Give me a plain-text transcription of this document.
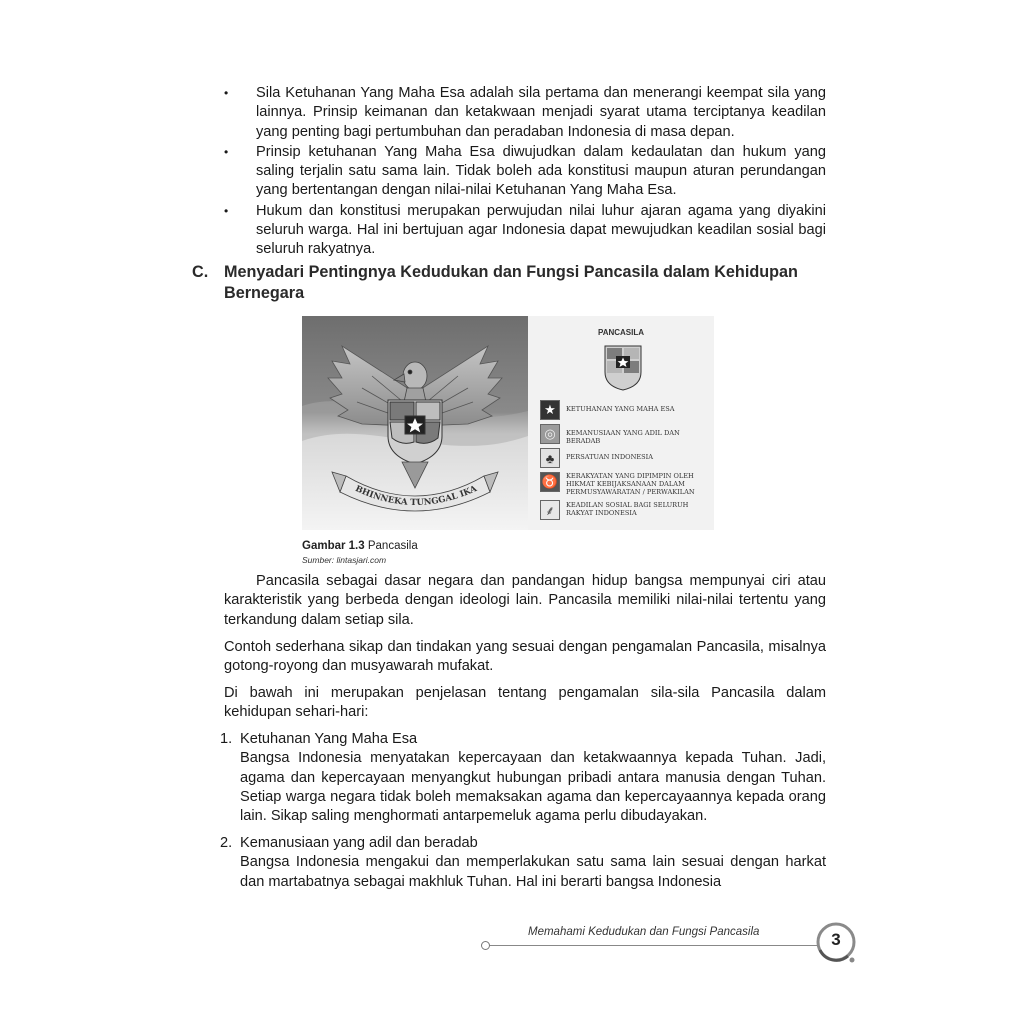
• Sila Ketuhanan Yang Maha Esa adalah sila pertama dan menerangi keempat sila yang lainnya. Prinsip keimanan dan ketakwaan menjadi syarat utama terciptanya keadilan yang penting bagi pertumbuhan dan peradaban Indonesia di masa depan.
• Prinsip ketuhanan Yang Maha Esa diwujudkan dalam kedaulatan dan hukum yang saling terjalin satu sama lain. Tidak boleh ada konstitusi maupun aturan perundangan yang bertentangan dengan nilai-nilai Ketuhanan Yang Maha Esa.
• Hukum dan konstitusi merupakan perwujudan nilai luhur ajaran agama yang diyakini seluruh warga. Hal ini bertujuan agar Indonesia dapat mewujudkan keadilan sosial bagi seluruh rakyatnya.
C. Menyadari Pentingnya Kedudukan dan Fungsi Pancasila dalam Kehidupan Bernegara
BHINNEKA TUNGGAL IKA
PANCASILA
★	KETUHANAN YANG MAHA ESA
◎	KEMANUSIAAN YANG ADIL DAN BERADAB
♣	PERSATUAN INDONESIA
♉ KERAKYATAN YANG DIPIMPIN OLEH HIKMAT KEBIJAKSANAAN DALAM PERMUSYAWARATAN / PERWAKILAN
⸙	KEADILAN SOSIAL BAGI SELURUH RAKYAT INDONESIA
Gambar 1.3 Pancasila
Sumber: lintasjari.com

Pancasila sebagai dasar negara dan pandangan hidup bangsa mempunyai ciri atau karakteristik yang berbeda dengan ideologi lain. Pancasila memiliki nilai-nilai tertentu yang terkandung dalam setiap sila.

Contoh sederhana sikap dan tindakan yang sesuai dengan pengamalan Pancasila, misalnya gotong-royong dan musyawarah mufakat.

Di bawah ini merupakan penjelasan tentang pengamalan sila-sila Pancasila dalam kehidupan sehari-hari:

1. Ketuhanan Yang Maha Esa
Bangsa Indonesia menyatakan kepercayaan dan ketakwaannya kepada Tuhan. Jadi, agama dan kepercayaan menyangkut hubungan pribadi antara manusia dengan Tuhan. Setiap warga negara tidak boleh memaksakan agama dan kepercayaannya kepada orang lain. Sikap saling menghormati antarpemeluk agama perlu dibudayakan.
2. Kemanusiaan yang adil dan beradab
Bangsa Indonesia mengakui dan memperlakukan satu sama lain sesuai dengan harkat dan martabatnya sebagai makhluk Tuhan. Hal ini berarti bangsa Indonesia
Memahami Kedudukan dan Fungsi Pancasila	3
